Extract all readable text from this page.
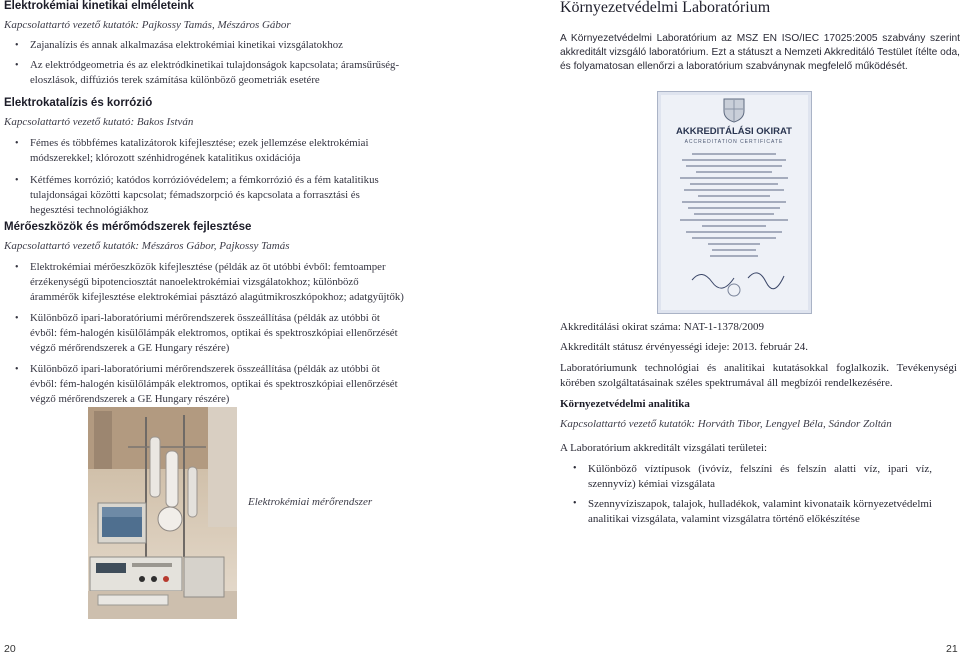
Elektrokémiai kinetikai elméleteink
Kapcsolattartó vezető kutatók: Pajkossy Tamás, Mészáros Gábor
• Zajanalízis és annak alkalmazása elektrokémiai kinetikai vizsgálatokhoz
• Az elektródgeometria és az elektródkinetikai tulajdonságok kapcsolata; áramsűrűség-eloszlások, diffúziós terek számítása különböző geometriák esetére
Elektrokatalízis és korrózió
Kapcsolattartó vezető kutató: Bakos István
• Fémes és többfémes katalizátorok kifejlesztése; ezek jellemzése elektrokémiai módszerekkel; klórozott szénhidrogének katalitikus oxidációja
• Kétfémes korrózió; katódos korrózióvédelem; a fémkorrózió és a fém katalitikus tulajdonságai közötti kapcsolat; fémadszorpció és kapcsolata a forrasztási és hegesztési technológiákhoz
Mérőeszközök és mérőmódszerek fejlesztése
Kapcsolattartó vezető kutatók: Mészáros Gábor, Pajkossy Tamás
• Elektrokémiai mérőeszközök kifejlesztése (példák az öt utóbbi évből: femtoamper érzékenységű bipotenciosztát nanoelektrokémiai vizsgálatokhoz; különböző árammérők kifejlesztése elektrokémiai pásztázó alagútmikroszkópokhoz; adatgyűjtők)
• Különböző ipari-laboratóriumi mérőrendszerek összeállítása (példák az utóbbi öt évből: fém-halogén kisülőlámpák elektromos, optikai és spektroszkópiai ellenőrzését végző mérőrendszerek a GE Hungary részére)
• Különböző ipari-laboratóriumi mérőrendszerek összeállítása (példák az utóbbi öt évből: fém-halogén kisülőlámpák elektromos, optikai és spektroszkópiai ellenőrzését végző mérőrendszerek a GE Hungary részére)
Elektrokémiai mérőrendszer
20
Környezetvédelmi Laboratórium
A Környezetvédelmi Laboratórium az MSZ EN ISO/IEC 17025:2005 szabvány szerint akkreditált vizsgáló laboratórium. Ezt a státuszt a Nemzeti Akkreditáló Testület ítélte oda, és folyamatosan ellenőrzi a laboratórium szabványnak megfelelő működését.
AKKREDITÁLÁSI OKIRAT
ACCREDITATION CERTIFICATE
Akkreditálási okirat száma: NAT-1-1378/2009
Akkreditált státusz érvényességi ideje: 2013. február 24.
Laboratóriumunk technológiai és analitikai kutatásokkal foglalkozik. Tevékenységi körében szolgáltatásainak széles spektrumával áll megbízói rendelkezésére.
Környezetvédelmi analitika
Kapcsolattartó vezető kutatók: Horváth Tibor, Lengyel Béla, Sándor Zoltán
A Laboratórium akkreditált vizsgálati területei:
• Különböző víztípusok (ivóvíz, felszíni és felszín alatti víz, ipari víz, szennyvíz) kémiai vizsgálata
• Szennyvíziszapok, talajok, hulladékok, valamint kivonataik környezetvédelmi analitikai vizsgálata, valamint vizsgálatra történő előkészítése
21
